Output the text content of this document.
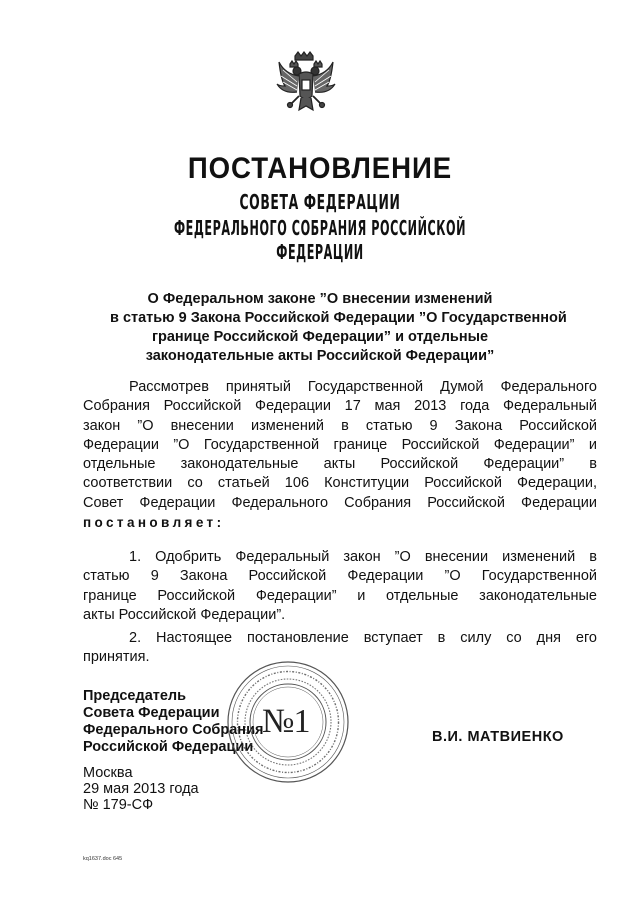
ПОСТАНОВЛЕНИЕ
СОВЕТА ФЕДЕРАЦИИ
ФЕДЕРАЛЬНОГО СОБРАНИЯ РОССИЙСКОЙ ФЕДЕРАЦИИ
О Федеральном законе ”О внесении изменений
в статью 9 Закона Российской Федерации ”О Государственной
границе Российской Федерации” и отдельные
законодательные акты Российской Федерации”
Рассмотрев принятый Государственной Думой Федерального
Собрания Российской Федерации 17 мая 2013 года Федеральный
закон ”О внесении изменений в статью 9 Закона Российской
Федерации ”О Государственной границе Российской Федерации” и
отдельные законодательные акты Российской Федерации” в
соответствии со статьей 106 Конституции Российской Федерации,
Совет Федерации Федерального Собрания Российской Федерации
постановляет:
1. Одобрить Федеральный закон ”О внесении изменений в
статью 9 Закона Российской Федерации ”О Государственной
границе Российской Федерации” и отдельные законодательные
акты Российской Федерации”.
2. Настоящее постановление вступает в силу со дня его
принятия.
Председатель
Совета Федерации
Федерального Собрания
Российской Федерации
№1	В.И. МАТВИЕНКО
Москва
29 мая 2013 года
№ 179-СФ
kq1637.doc 645
